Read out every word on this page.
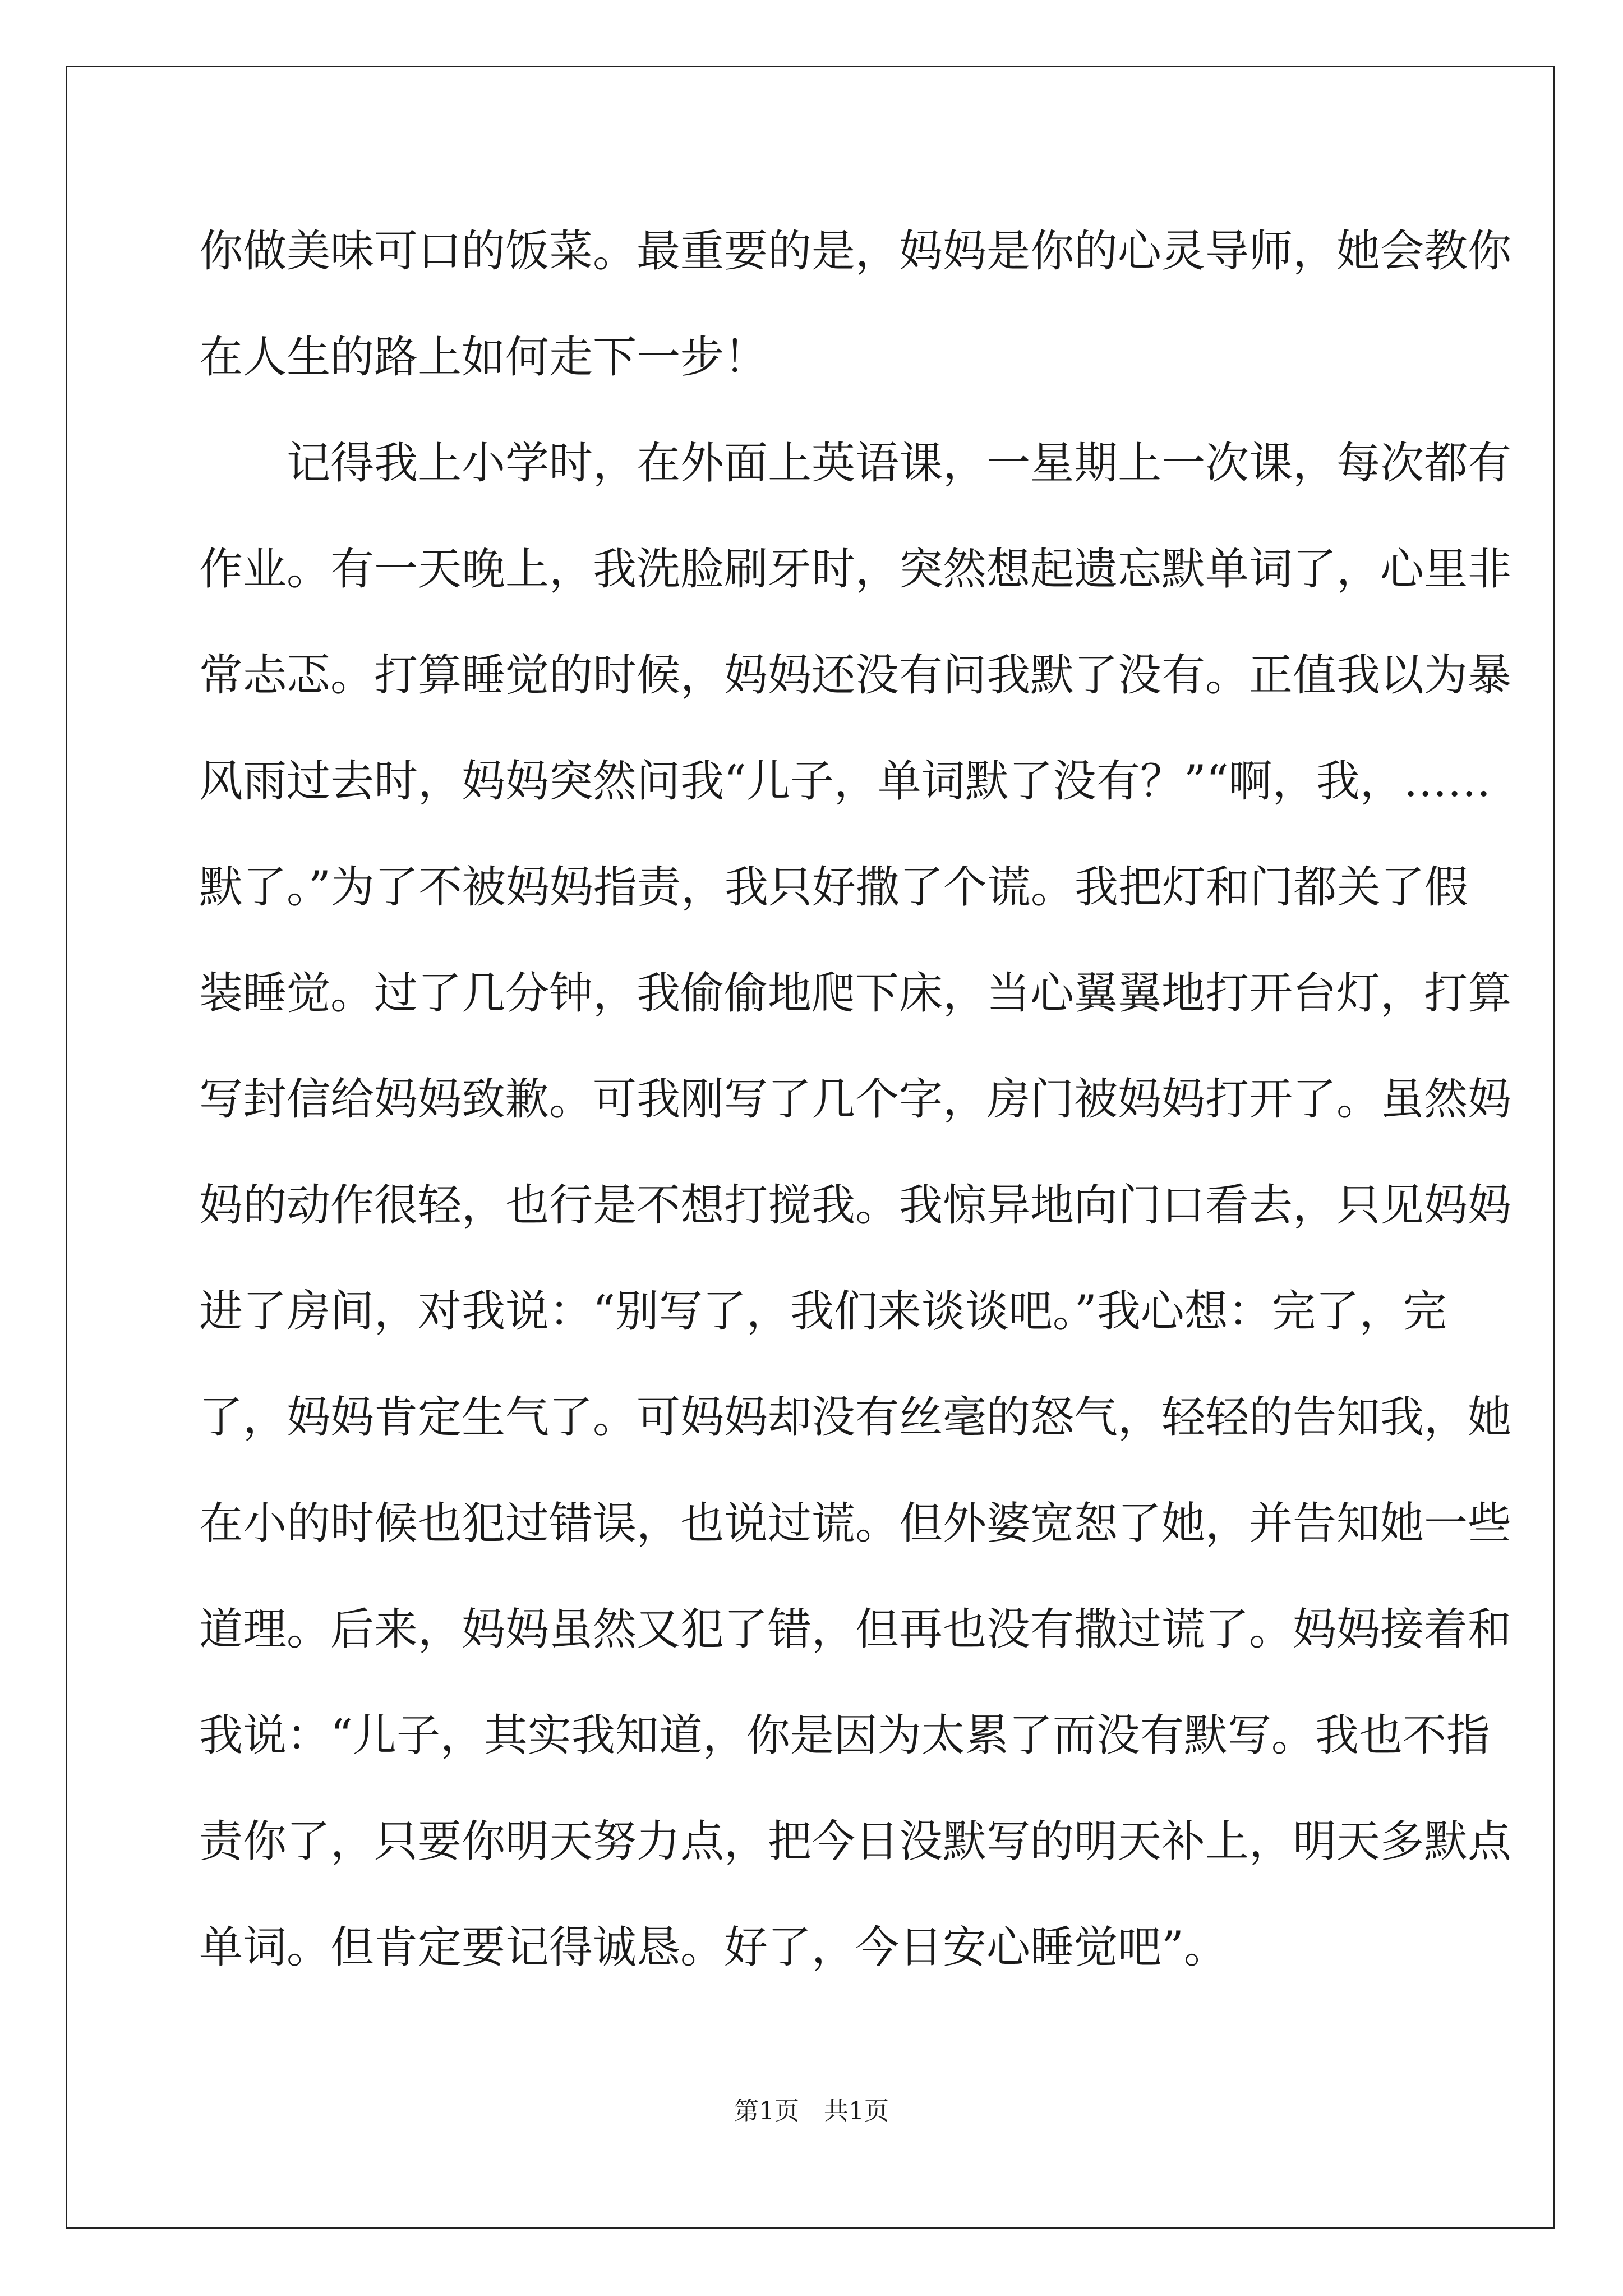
你做美味可口的饭菜。最重要的是，妈妈是你的心灵导师，她会教你
在人生的路上如何走下一步！
记得我上小学时，在外面上英语课，一星期上一次课，每次都有
作业。有一天晚上，我洗脸刷牙时，突然想起遗忘默单词了，心里非
常忐忑。打算睡觉的时候，妈妈还没有问我默了没有。正值我以为暴
风雨过去时，妈妈突然问我“儿子，单词默了没有？”“啊，我，……
默了。”为了不被妈妈指责，我只好撒了个谎。我把灯和门都关了假
装睡觉。过了几分钟，我偷偷地爬下床，当心翼翼地打开台灯，打算
写封信给妈妈致歉。可我刚写了几个字，房门被妈妈打开了。虽然妈
妈的动作很轻，也行是不想打搅我。我惊异地向门口看去，只见妈妈
进了房间，对我说：“别写了，我们来谈谈吧。”我心想：完了，完
了，妈妈肯定生气了。可妈妈却没有丝毫的怒气，轻轻的告知我，她
在小的时候也犯过错误，也说过谎。但外婆宽恕了她，并告知她一些
道理。后来，妈妈虽然又犯了错，但再也没有撒过谎了。妈妈接着和
我说：“儿子，其实我知道，你是因为太累了而没有默写。我也不指
责你了，只要你明天努力点，把今日没默写的明天补上，明天多默点
单词。但肯定要记得诚恳。好了，今日安心睡觉吧”。
第1页　共1页
